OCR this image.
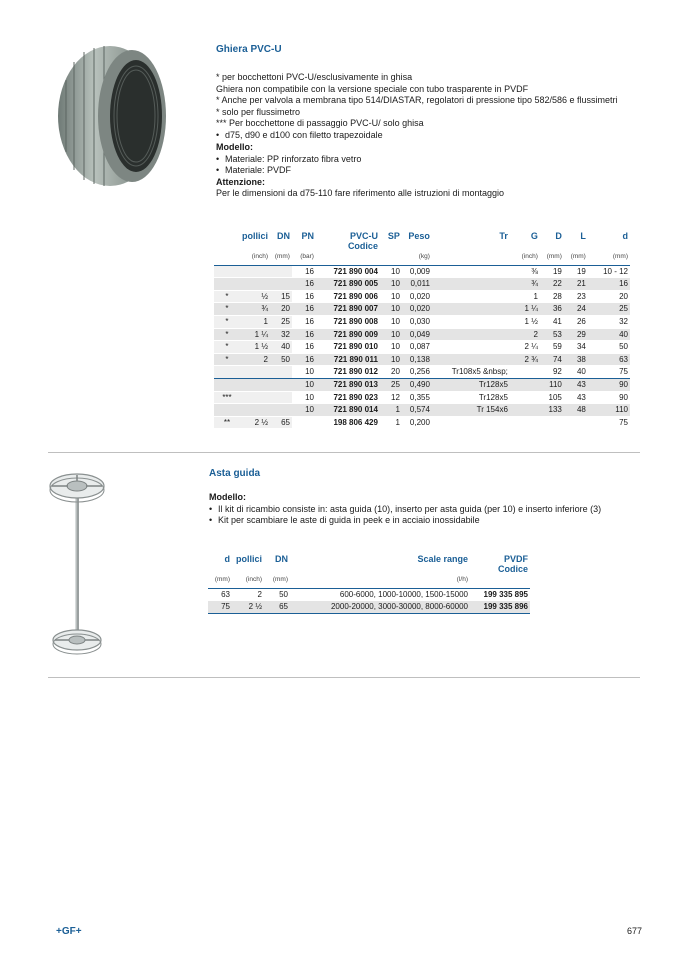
Ghiera PVC-U
* per bocchettoni PVC-U/esclusivamente in ghisa
Ghiera non compatibile con la versione speciale con tubo trasparente in PVDF
* Anche per valvola a membrana tipo 514/DIASTAR, regolatori di pressione tipo 582/586 e flussimetri
* solo per flussimetro
*** Per bocchettone di passaggio PVC-U/ solo ghisa
• d75, d90 e d100 con filetto trapezoidale
Modello:
• Materiale: PP rinforzato fibra vetro
• Materiale: PVDF
Attenzione:
Per le dimensioni da d75-110 fare riferimento alle istruzioni di montaggio
	pollici	DN	PN	PVC-U	SP	Peso	Tr	G	D	L	d
				Codice							
	(inch)	(mm)	(bar)			(kg)		(inch)	(mm)	(mm)	(mm)
			16	721 890 004	10	0,009		⅜	19	19	10 - 12
			16	721 890 005	10	0,011		¾	22	21	16
*	½	15	16	721 890 006	10	0,020		1	28	23	20
*	¾	20	16	721 890 007	10	0,020		1 ¼	36	24	25
*	1	25	16	721 890 008	10	0,030		1 ½	41	26	32
*	1 ¼	32	16	721 890 009	10	0,049		2	53	29	40
*	1 ½	40	16	721 890 010	10	0,087		2 ¼	59	34	50
*	2	50	16	721 890 011	10	0,138		2 ¾	74	38	63
			10	721 890 012	20	0,256	Tr108x5 &nbsp;		92	40	75
			10	721 890 013	25	0,490	Tr128x5		110	43	90
***			10	721 890 023	12	0,355	Tr128x5		105	43	90
			10	721 890 014	1	0,574	Tr 154x6		133	48	110
**	2 ½	65		198 806 429	1	0,200					75
Asta guida
Modello:
• Il kit di ricambio consiste in: asta guida (10), inserto per asta guida (per 10) e inserto inferiore (3)
• Kit per scambiare le aste di guida in peek e in acciaio inossidabile
d	pollici	DN	Scale range	PVDF
				Codice
(mm)	(inch)	(mm)	(l/h)	
63	2	50	600-6000, 1000-10000, 1500-15000	199 335 895
75	2 ½	65	2000-20000, 3000-30000, 8000-60000	199 335 896
+GF+	677
